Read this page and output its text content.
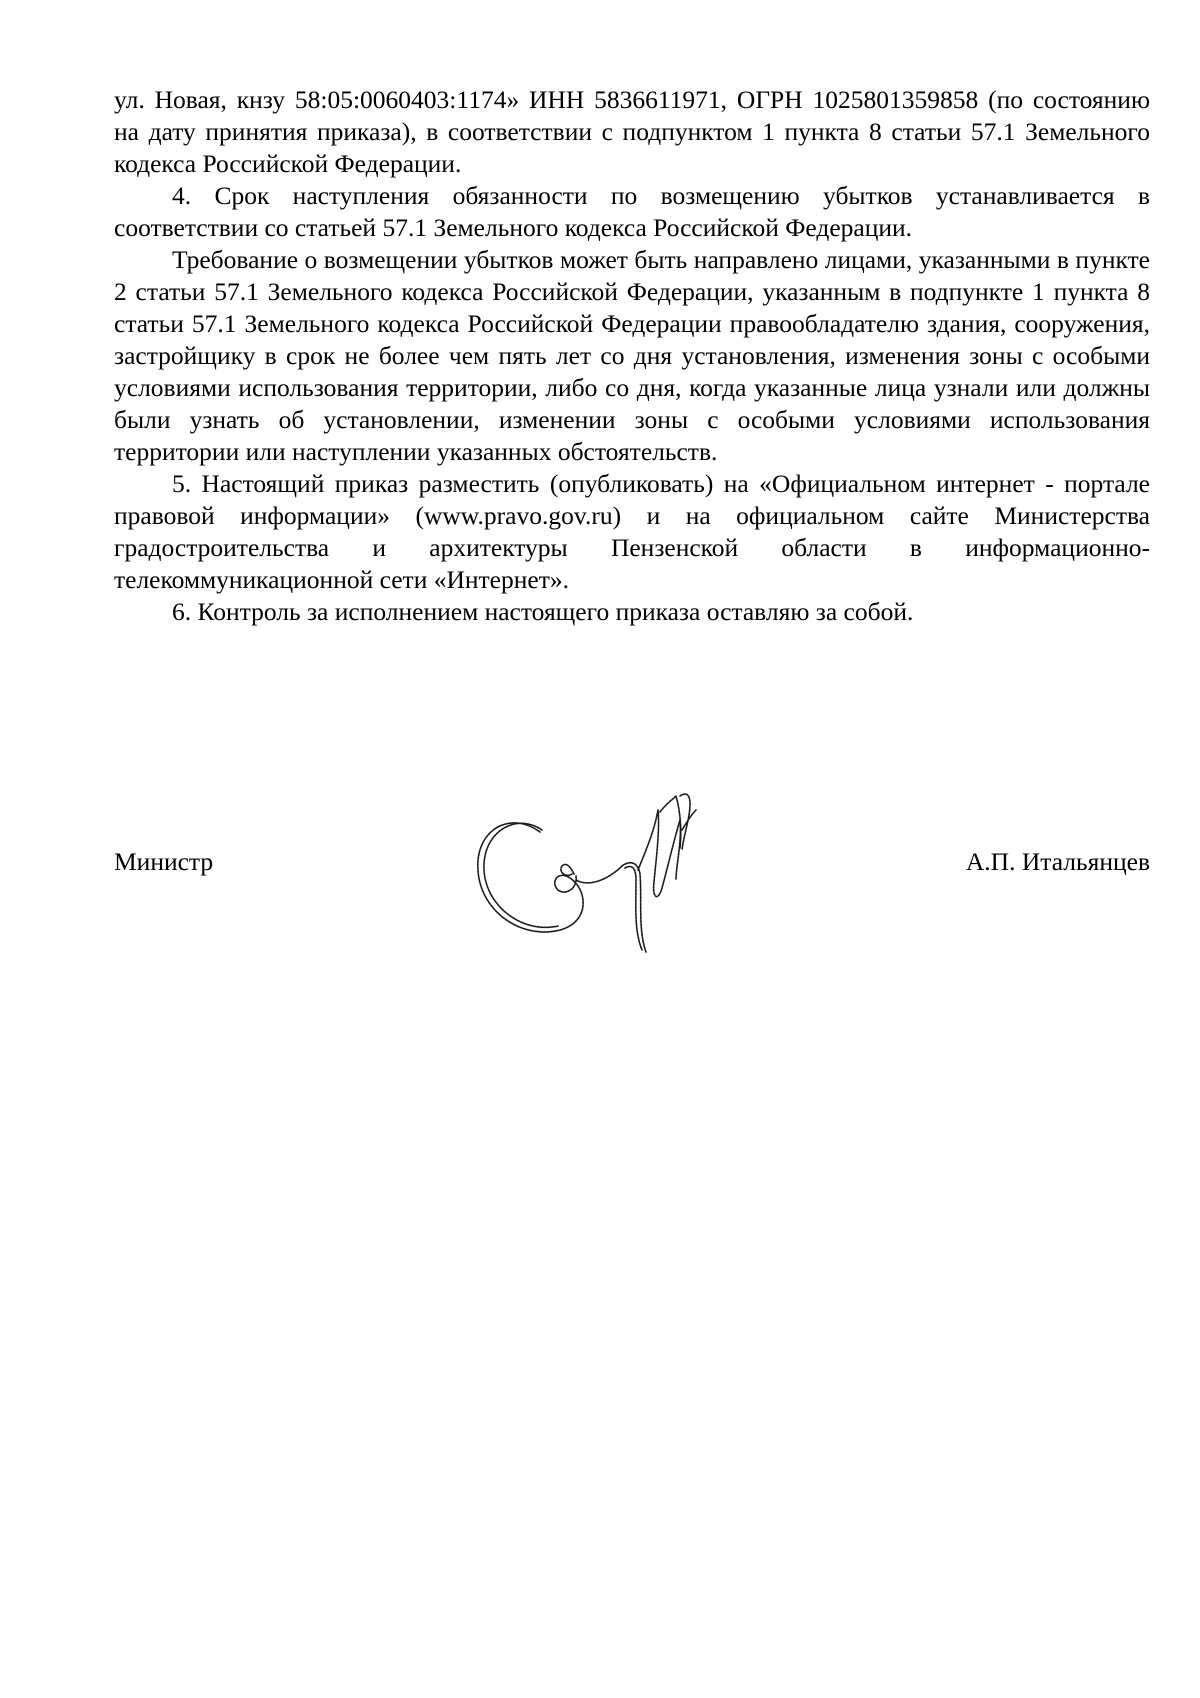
ул. Новая, кнзу 58:05:0060403:1174» ИНН 5836611971, ОГРН 1025801359858 (по состоянию на дату принятия приказа), в соответствии с подпунктом 1 пункта 8 статьи 57.1 Земельного кодекса Российской Федерации.

4. Срок наступления обязанности по возмещению убытков устанавливается в соответствии со статьей 57.1 Земельного кодекса Российской Федерации.

Требование о возмещении убытков может быть направлено лицами, указанными в пункте 2 статьи 57.1 Земельного кодекса Российской Федерации, указанным в подпункте 1 пункта 8 статьи 57.1 Земельного кодекса Российской Федерации правообладателю здания, сооружения, застройщику в срок не более чем пять лет со дня установления, изменения зоны с особыми условиями использования территории, либо со дня, когда указанные лица узнали или должны были узнать об установлении, изменении зоны с особыми условиями использования территории или наступлении указанных обстоятельств.

5. Настоящий приказ разместить (опубликовать) на «Официальном интернет - портале правовой информации» (www.pravo.gov.ru) и на официальном сайте Министерства градостроительства и архитектуры Пензенской области в информационно-телекоммуникационной сети «Интернет».

6. Контроль за исполнением настоящего приказа оставляю за собой.

Министр	А.П. Итальянцев
